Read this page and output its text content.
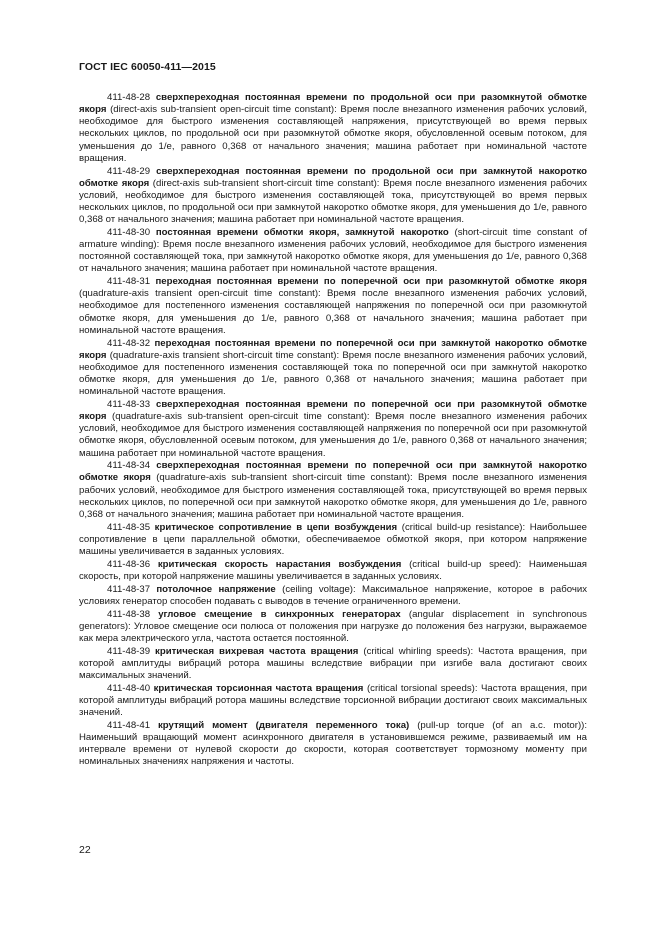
ГОСТ IEC 60050-411—2015

411-48-28 сверхпереходная постоянная времени по продольной оси при разомкнутой обмотке якоря (direct-axis sub-transient open-circuit time constant): Время после внезапного изменения рабочих условий, необходимое для быстрого изменения составляющей напряжения, присутствующей во время первых нескольких циклов, по продольной оси при разомкнутой обмотке якоря, обусловленной осевым потоком, для уменьшения до 1/e, равного 0,368 от начального значения; машина работает при номинальной частоте вращения.

411-48-29 сверхпереходная постоянная времени по продольной оси при замкнутой накоротко обмотке якоря (direct-axis sub-transient short-circuit time constant): Время после внезапного изменения рабочих условий, необходимое для быстрого изменения составляющей тока, присутствующей во время первых нескольких циклов, по продольной оси при замкнутой накоротко обмотке якоря, для уменьшения до 1/e, равного 0,368 от начального значения; машина работает при номинальной частоте вращения.

411-48-30 постоянная времени обмотки якоря, замкнутой накоротко (short-circuit time constant of armature winding): Время после внезапного изменения рабочих условий, необходимое для быстрого изменения постоянной составляющей тока, при замкнутой накоротко обмотке якоря, для уменьшения до 1/e, равного 0,368 от начального значения; машина работает при номинальной частоте вращения.

411-48-31 переходная постоянная времени по поперечной оси при разомкнутой обмотке якоря (quadrature-axis transient open-circuit time constant): Время после внезапного изменения рабочих условий, необходимое для постепенного изменения составляющей напряжения по поперечной оси при разомкнутой обмотке якоря, для уменьшения до 1/e, равного 0,368 от начального значения; машина работает при номинальной частоте вращения.

411-48-32 переходная постоянная времени по поперечной оси при замкнутой накоротко обмотке якоря (quadrature-axis transient short-circuit time constant): Время после внезапного изменения рабочих условий, необходимое для постепенного изменения составляющей тока по поперечной оси при замкнутой накоротко обмотке якоря, для уменьшения до 1/e, равного 0,368 от начального значения; машина работает при номинальной частоте вращения.

411-48-33 сверхпереходная постоянная времени по поперечной оси при разомкнутой обмотке якоря (quadrature-axis sub-transient open-circuit time constant): Время после внезапного изменения рабочих условий, необходимое для быстрого изменения составляющей напряжения по поперечной оси при разомкнутой обмотке якоря, обусловленной осевым потоком, для уменьшения до 1/e, равного 0,368 от начального значения; машина работает при номинальной частоте вращения.

411-48-34 сверхпереходная постоянная времени по поперечной оси при замкнутой накоротко обмотке якоря (quadrature-axis sub-transient short-circuit time constant): Время после внезапного изменения рабочих условий, необходимое для быстрого изменения составляющей тока, присутствующей во время первых нескольких циклов, по поперечной оси при замкнутой накоротко обмотке якоря, для уменьшения до 1/e, равного 0,368 от начального значения; машина работает при номинальной частоте вращения.

411-48-35 критическое сопротивление в цепи возбуждения (critical build-up resistance): Наибольшее сопротивление в цепи параллельной обмотки, обеспечиваемое обмоткой якоря, при котором напряжение машины увеличивается в заданных условиях.

411-48-36 критическая скорость нарастания возбуждения (critical build-up speed): Наименьшая скорость, при которой напряжение машины увеличивается в заданных условиях.

411-48-37 потолочное напряжение (ceiling voltage): Максимальное напряжение, которое в рабочих условиях генератор способен подавать с выводов в течение ограниченного времени.

411-48-38 угловое смещение в синхронных генераторах (angular displacement in synchronous generators): Угловое смещение оси полюса от положения при нагрузке до положения без нагрузки, выражаемое как мера электрического угла, частота остается постоянной.

411-48-39 критическая вихревая частота вращения (critical whirling speeds): Частота вращения, при которой амплитуды вибраций ротора машины вследствие вибрации при изгибе вала достигают своих максимальных значений.

411-48-40 критическая торсионная частота вращения (critical torsional speeds): Частота вращения, при которой амплитуды вибраций ротора машины вследствие торсионной вибрации достигают своих максимальных значений.

411-48-41 крутящий момент (двигателя переменного тока) (pull-up torque (of an a.c. motor)): Наименьший вращающий момент асинхронного двигателя в установившемся режиме, развиваемый им на интервале времени от нулевой скорости до скорости, которая соответствует тормозному моменту при номинальных значениях напряжения и частоты.

22
